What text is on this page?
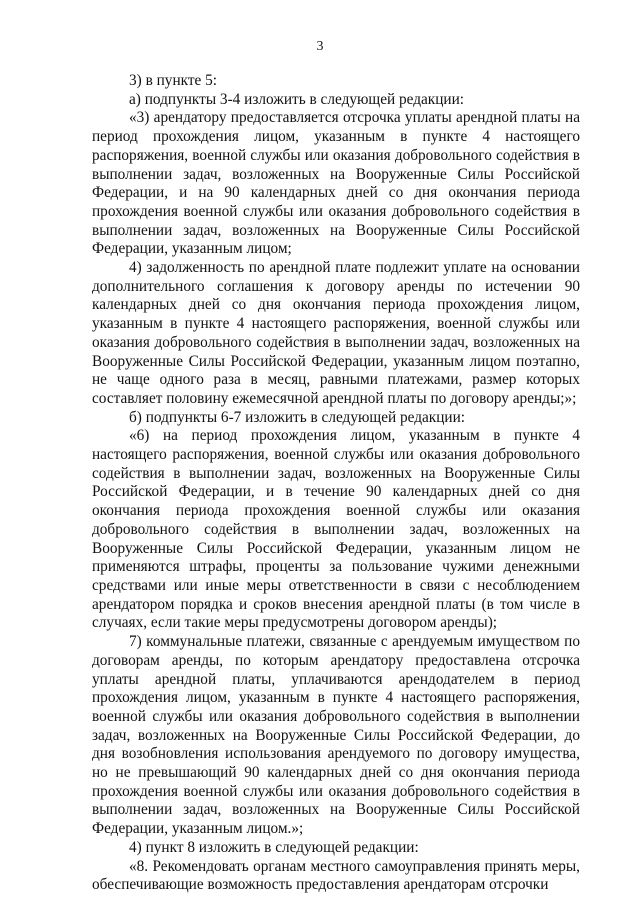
3

3) в пункте 5:

а) подпункты 3-4 изложить в следующей редакции:

«3) арендатору предоставляется отсрочка уплаты арендной платы на период прохождения лицом, указанным в пункте 4 настоящего распоряжения, военной службы или оказания добровольного содействия в выполнении задач, возложенных на Вооруженные Силы Российской Федерации, и на 90 календарных дней со дня окончания периода прохождения военной службы или оказания добровольного содействия в выполнении задач, возложенных на Вооруженные Силы Российской Федерации, указанным лицом;

4) задолженность по арендной плате подлежит уплате на основании дополнительного соглашения к договору аренды по истечении 90 календарных дней со дня окончания периода прохождения лицом, указанным в пункте 4 настоящего распоряжения, военной службы или оказания добровольного содействия в выполнении задач, возложенных на Вооруженные Силы Российской Федерации, указанным лицом поэтапно, не чаще одного раза в месяц, равными платежами, размер которых составляет половину ежемесячной арендной платы по договору аренды;»;

б) подпункты 6-7 изложить в следующей редакции:

«6) на период прохождения лицом, указанным в пункте 4 настоящего распоряжения, военной службы или оказания добровольного содействия в выполнении задач, возложенных на Вооруженные Силы Российской Федерации, и в течение 90 календарных дней со дня окончания периода прохождения военной службы или оказания добровольного содействия в выполнении задач, возложенных на Вооруженные Силы Российской Федерации, указанным лицом не применяются штрафы, проценты за пользование чужими денежными средствами или иные меры ответственности в связи с несоблюдением арендатором порядка и сроков внесения арендной платы (в том числе в случаях, если такие меры предусмотрены договором аренды);

7) коммунальные платежи, связанные с арендуемым имуществом по договорам аренды, по которым арендатору предоставлена отсрочка уплаты арендной платы, уплачиваются арендодателем в период прохождения лицом, указанным в пункте 4 настоящего распоряжения, военной службы или оказания добровольного содействия в выполнении задач, возложенных на Вооруженные Силы Российской Федерации, до дня возобновления использования арендуемого по договору имущества, но не превышающий 90 календарных дней со дня окончания периода прохождения военной службы или оказания добровольного содействия в выполнении задач, возложенных на Вооруженные Силы Российской Федерации, указанным лицом.»;

4) пункт 8 изложить в следующей редакции:

«8. Рекомендовать органам местного самоуправления принять меры, обеспечивающие возможность предоставления арендаторам отсрочки
